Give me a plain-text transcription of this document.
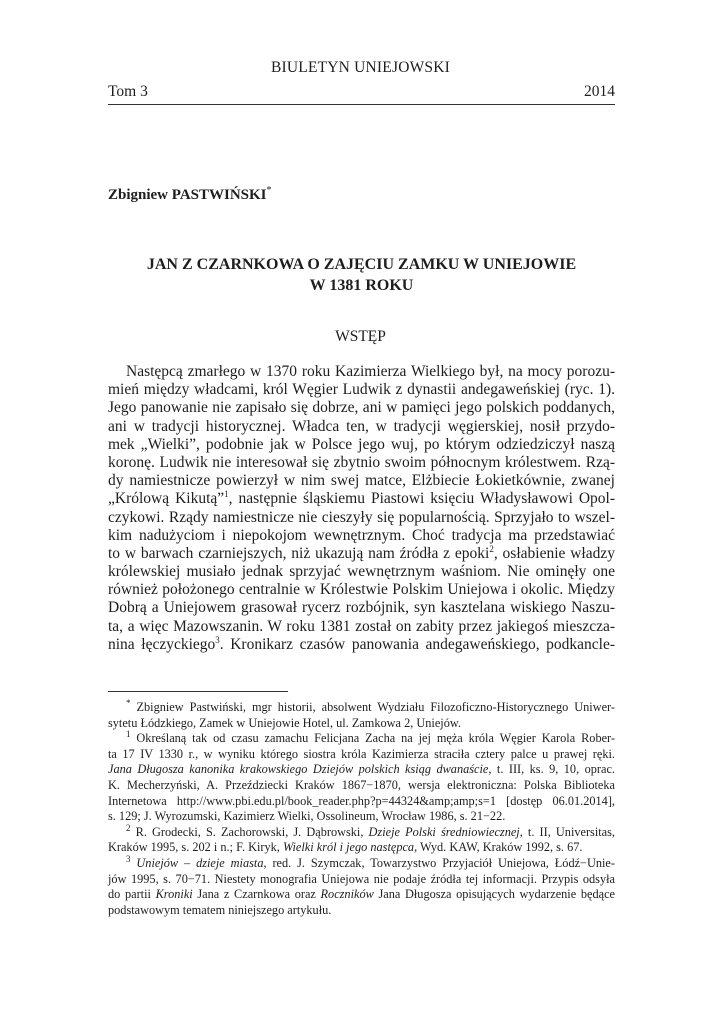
BIULETYN UNIEJOWSKI
Tom 3	2014
Zbigniew PASTWIŃSKI*
JAN Z CZARNKOWA O ZAJĘCIU ZAMKU W UNIEJOWIE
W 1381 ROKU
WSTĘP
Następcą zmarłego w 1370 roku Kazimierza Wielkiego był, na mocy porozu-
mień między władcami, król Węgier Ludwik z dynastii andegaweńskiej (ryc. 1).
Jego panowanie nie zapisało się dobrze, ani w pamięci jego polskich poddanych,
ani w tradycji historycznej. Władca ten, w tradycji węgierskiej, nosił przydo-
mek „Wielki”, podobnie jak w Polsce jego wuj, po którym odziedziczył naszą
koronę. Ludwik nie interesował się zbytnio swoim północnym królestwem. Rzą-
dy namiestnicze powierzył w nim swej matce, Elżbiecie Łokietkównie, zwanej
„Królową Kikutą”$^1$, następnie śląskiemu Piastowi księciu Władysławowi Opol-
czykowi. Rządy namiestnicze nie cieszyły się popularnością. Sprzyjało to wszel-
kim nadużyciom i niepokojom wewnętrznym. Choć tradycja ma przedstawiać
to w barwach czarniejszych, niż ukazują nam źródła z epoki$^2$, osłabienie władzy
królewskiej musiało jednak sprzyjać wewnętrznym waśniom. Nie ominęły one
również położonego centralnie w Królestwie Polskim Uniejowa i okolic. Między
Dobrą a Uniejowem grasował rycerz rozbójnik, syn kasztelana wiskiego Naszu-
ta, a więc Mazowszanin. W roku 1381 został on zabity przez jakiegoś mieszcza-
nina łęczyckiego$^3$. Kronikarz czasów panowania andegaweńskiego, podkancle-
* Zbigniew Pastwiński, mgr historii, absolwent Wydziału Filozoficzno-Historycznego Uniwer-
sytetu Łódzkiego, Zamek w Uniejowie Hotel, ul. Zamkowa 2, Uniejów.
$^1$ Określaną tak od czasu zamachu Felicjana Zacha na jej męża króla Węgier Karola Rober-
ta 17 IV 1330 r., w wyniku którego siostra króla Kazimierza straciła cztery palce u prawej ręki.
Jana Długosza kanonika krakowskiego Dziejów polskich ksiąg dwanaście, t. III, ks. 9, 10, oprac.
K. Mecherzyński, A. Przeździecki Kraków 1867−1870, wersja elektroniczna: Polska Biblioteka
Internetowa http://www.pbi.edu.pl/book_reader.php?p=44324&amp;amp;s=1 [dostęp 06.01.2014],
s. 129; J. Wyrozumski, Kazimierz Wielki, Ossolineum, Wrocław 1986, s. 21−22.
$^2$ R. Grodecki, S. Zachorowski, J. Dąbrowski, Dzieje Polski średniowiecznej, t. II, Universitas,
Kraków 1995, s. 202 i n.; F. Kiryk, Wielki król i jego następca, Wyd. KAW, Kraków 1992, s. 67.
$^3$ Uniejów – dzieje miasta, red. J. Szymczak, Towarzystwo Przyjaciół Uniejowa, Łódź−Unie-
jów 1995, s. 70−71. Niestety monografia Uniejowa nie podaje źródła tej informacji. Przypis odsyła
do partii Kroniki Jana z Czarnkowa oraz Roczników Jana Długosza opisujących wydarzenie będące
podstawowym tematem niniejszego artykułu.
